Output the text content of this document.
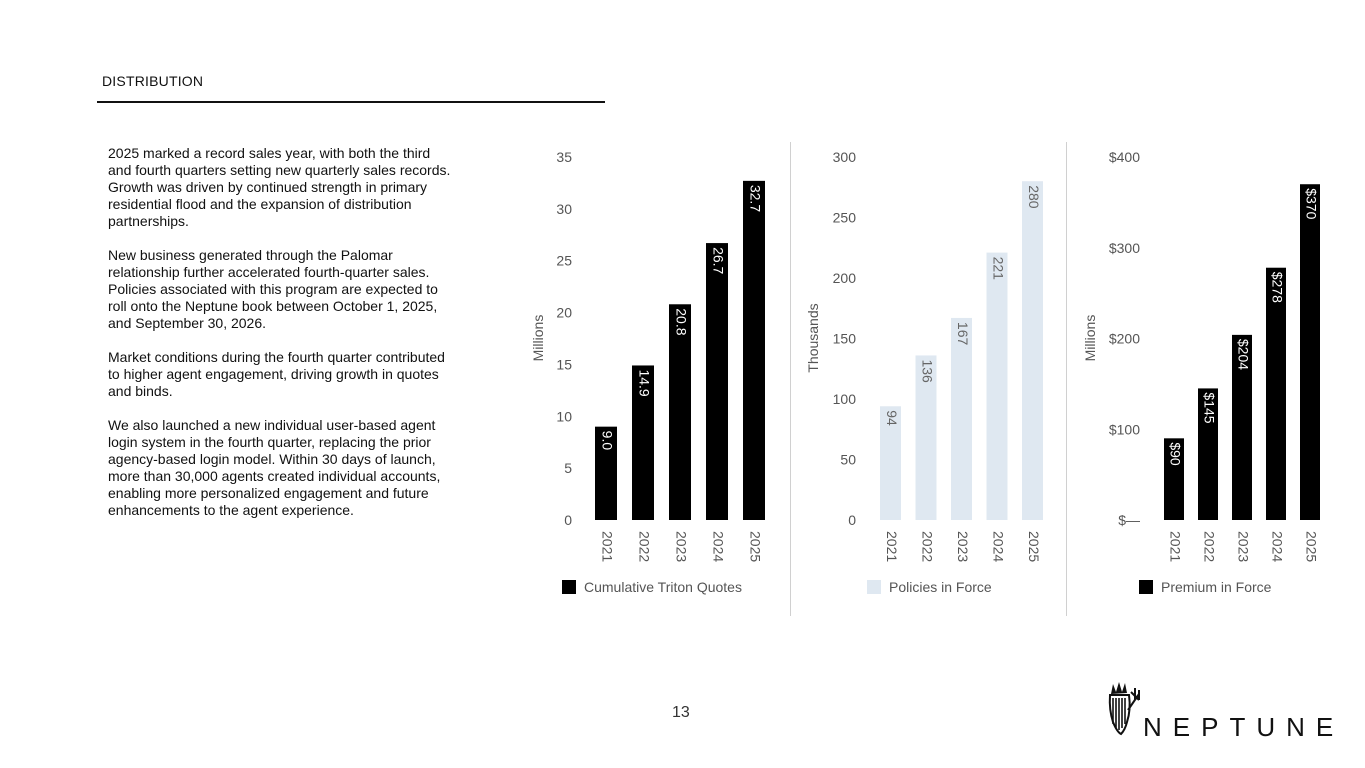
DISTRIBUTION

2025 marked a record sales year, with both the third and fourth quarters setting new quarterly sales records. Growth was driven by continued strength in primary residential flood and the expansion of distribution partnerships.

New business generated through the Palomar relationship further accelerated fourth-quarter sales. Policies associated with this program are expected to roll onto the Neptune book between October 1, 2025, and September 30, 2026.

Market conditions during the fourth quarter contributed to higher agent engagement, driving growth in quotes and binds.

We also launched a new individual user-based agent login system in the fourth quarter, replacing the prior agency-based login model. Within 30 days of launch, more than 30,000 agents created individual accounts, enabling more personalized engagement and future enhancements to the agent experience.

0
5
10
15
20
25
30
35
Millions
9.0
2021
14.9
2022
20.8
2023
26.7
2024
32.7
2025
0
50
100
150
200
250
300
Thousands
94
2021
136
2022
167
2023
221
2024
280
2025
$—
$100
$200
$300
$400
Millions
$90
2021
$145
2022
$204
2023
$278
2024
$370
2025
Cumulative Triton Quotes	Policies in Force	Premium in Force
13	NEPTUNE
